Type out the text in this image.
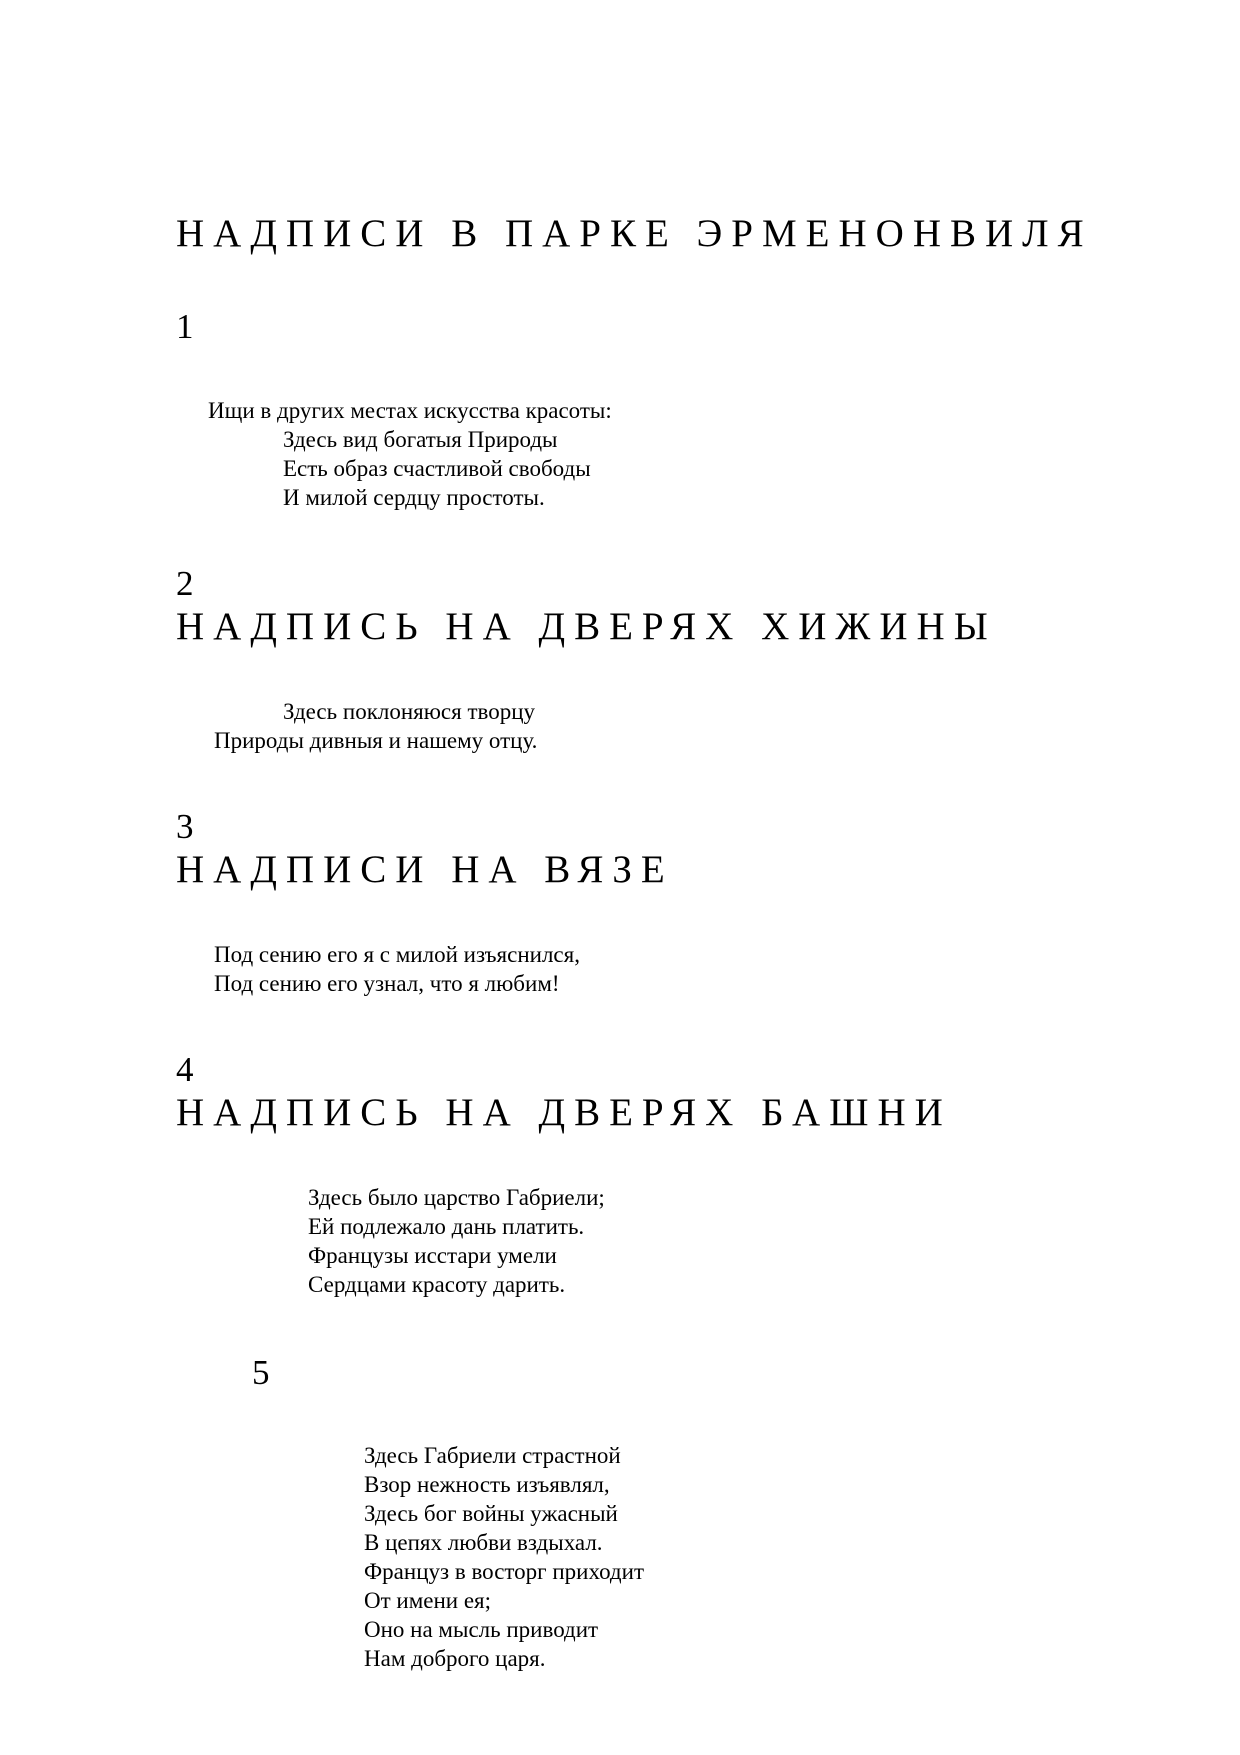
НАДПИСИ В ПАРКЕ ЭРМЕНОНВИЛЯ
1
Ищи в других местах искусства красоты:
Здесь вид богатыя Природы
Есть образ счастливой свободы
И милой сердцу простоты.
2
НАДПИСЬ НА ДВЕРЯХ ХИЖИНЫ
Здесь поклоняюся творцу
Природы дивныя и нашему отцу.
3
НАДПИСИ НА ВЯЗЕ
Под сению его я с милой изъяснился,
Под сению его узнал, что я любим!
4
НАДПИСЬ НА ДВЕРЯХ БАШНИ
Здесь было царство Габриели;
Ей подлежало дань платить.
Французы исстари умели
Сердцами красоту дарить.
5
Здесь Габриели страстной
Взор нежность изъявлял,
Здесь бог войны ужасный
В цепях любви вздыхал.
Француз в восторг приходит
От имени ея;
Оно на мысль приводит
Нам доброго царя.
